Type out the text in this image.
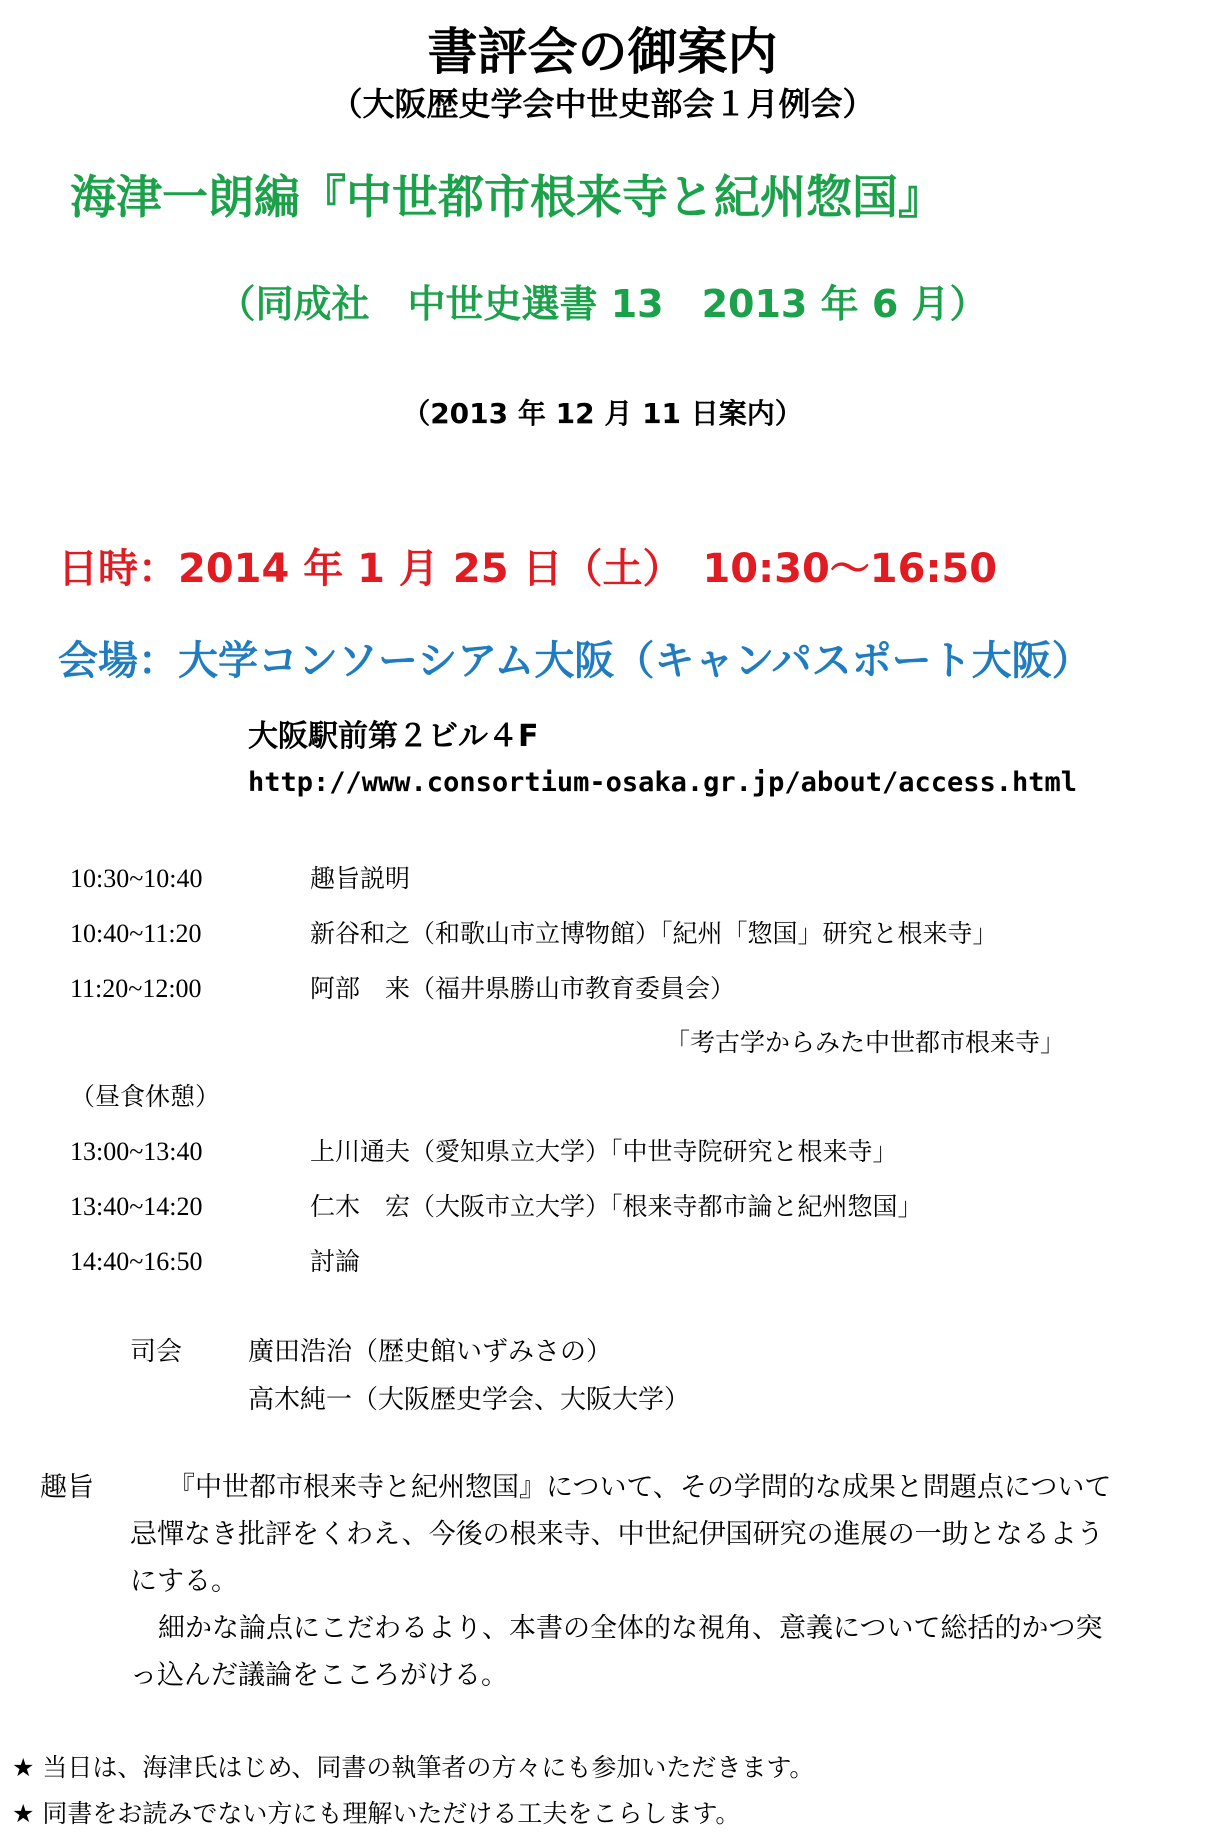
書評会の御案内
（大阪歴史学会中世史部会１月例会）
海津一朗編『中世都市根来寺と紀州惣国』
（同成社　中世史選書 13　2013 年 6 月）
（2013 年 12 月 11 日案内）
日時：2014 年 1 月 25 日（土）　10:30〜16:50
会場：大学コンソーシアム大阪（キャンパスポート大阪）
大阪駅前第２ビル４F
http://www.consortium-osaka.gr.jp/about/access.html
10:30~10:40	趣旨説明
10:40~11:20	新谷和之（和歌山市立博物館）「紀州「惣国」研究と根来寺」
11:20~12:00	阿部　来（福井県勝山市教育委員会）
「考古学からみた中世都市根来寺」
（昼食休憩）
13:00~13:40	上川通夫（愛知県立大学）「中世寺院研究と根来寺」
13:40~14:20	仁木　宏（大阪市立大学）「根来寺都市論と紀州惣国」
14:40~16:50	討論
司会	廣田浩治（歴史館いずみさの）
高木純一（大阪歴史学会、大阪大学）
趣旨	『中世都市根来寺と紀州惣国』について、その学問的な成果と問題点について
忌憚なき批評をくわえ、今後の根来寺、中世紀伊国研究の進展の一助となるよう
にする。
細かな論点にこだわるより、本書の全体的な視角、意義について総括的かつ突
っ込んだ議論をこころがける。
★ 当日は、海津氏はじめ、同書の執筆者の方々にも参加いただきます。
★ 同書をお読みでない方にも理解いただける工夫をこらします。
